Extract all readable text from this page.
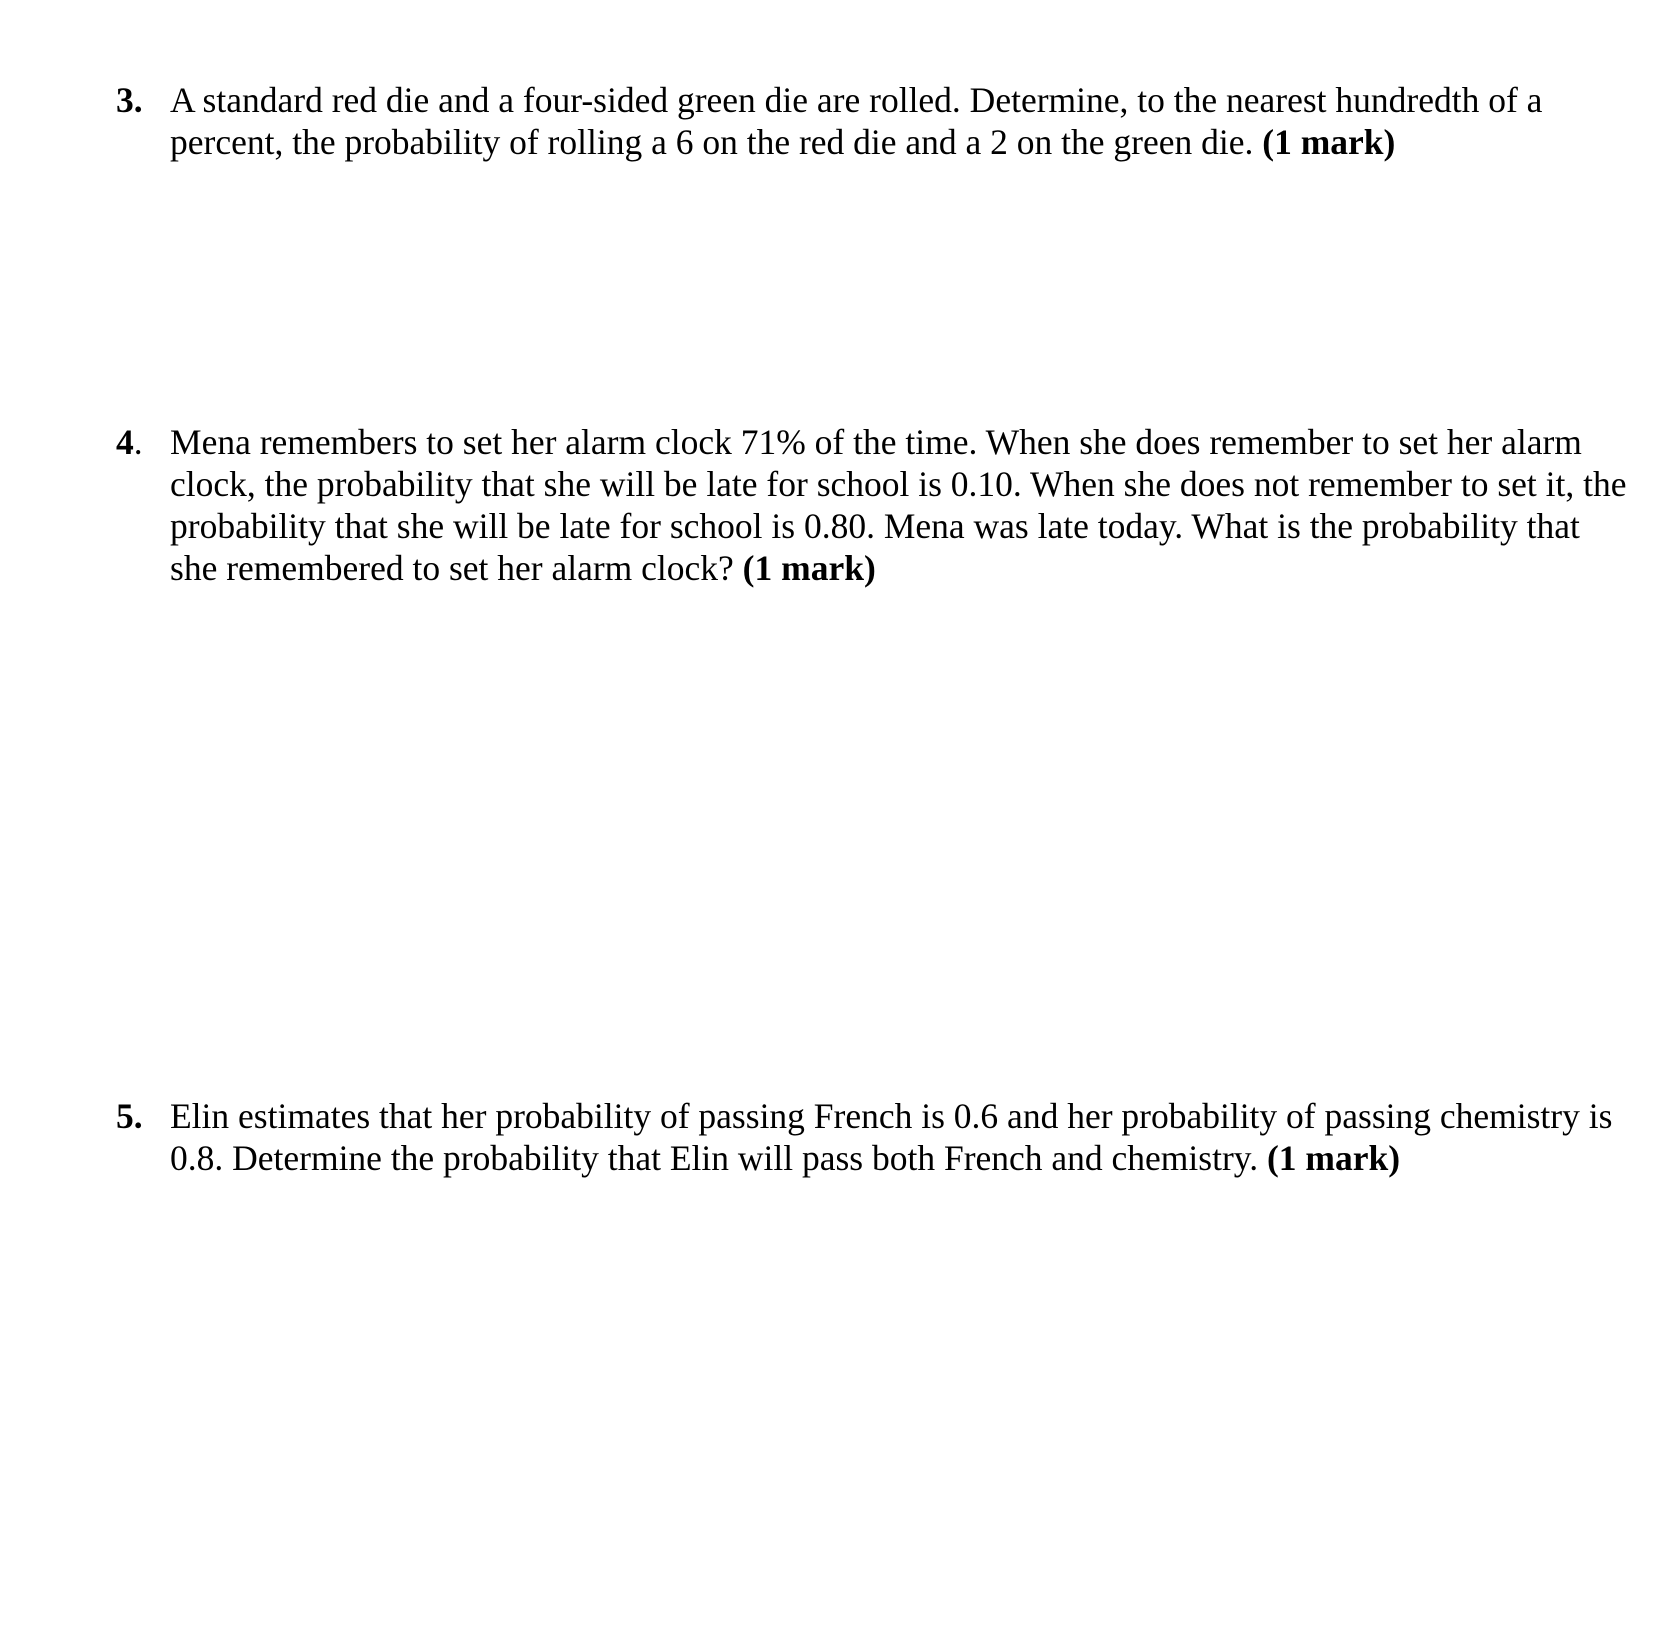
3. A standard red die and a four-sided green die are rolled. Determine, to the nearest hundredth of a percent, the probability of rolling a 6 on the red die and a 2 on the green die. (1 mark)
4. Mena remembers to set her alarm clock 71% of the time. When she does remember to set her alarm clock, the probability that she will be late for school is 0.10. When she does not remember to set it, the probability that she will be late for school is 0.80. Mena was late today. What is the probability that she remembered to set her alarm clock? (1 mark)
5. Elin estimates that her probability of passing French is 0.6 and her probability of passing chemistry is 0.8. Determine the probability that Elin will pass both French and chemistry. (1 mark)
